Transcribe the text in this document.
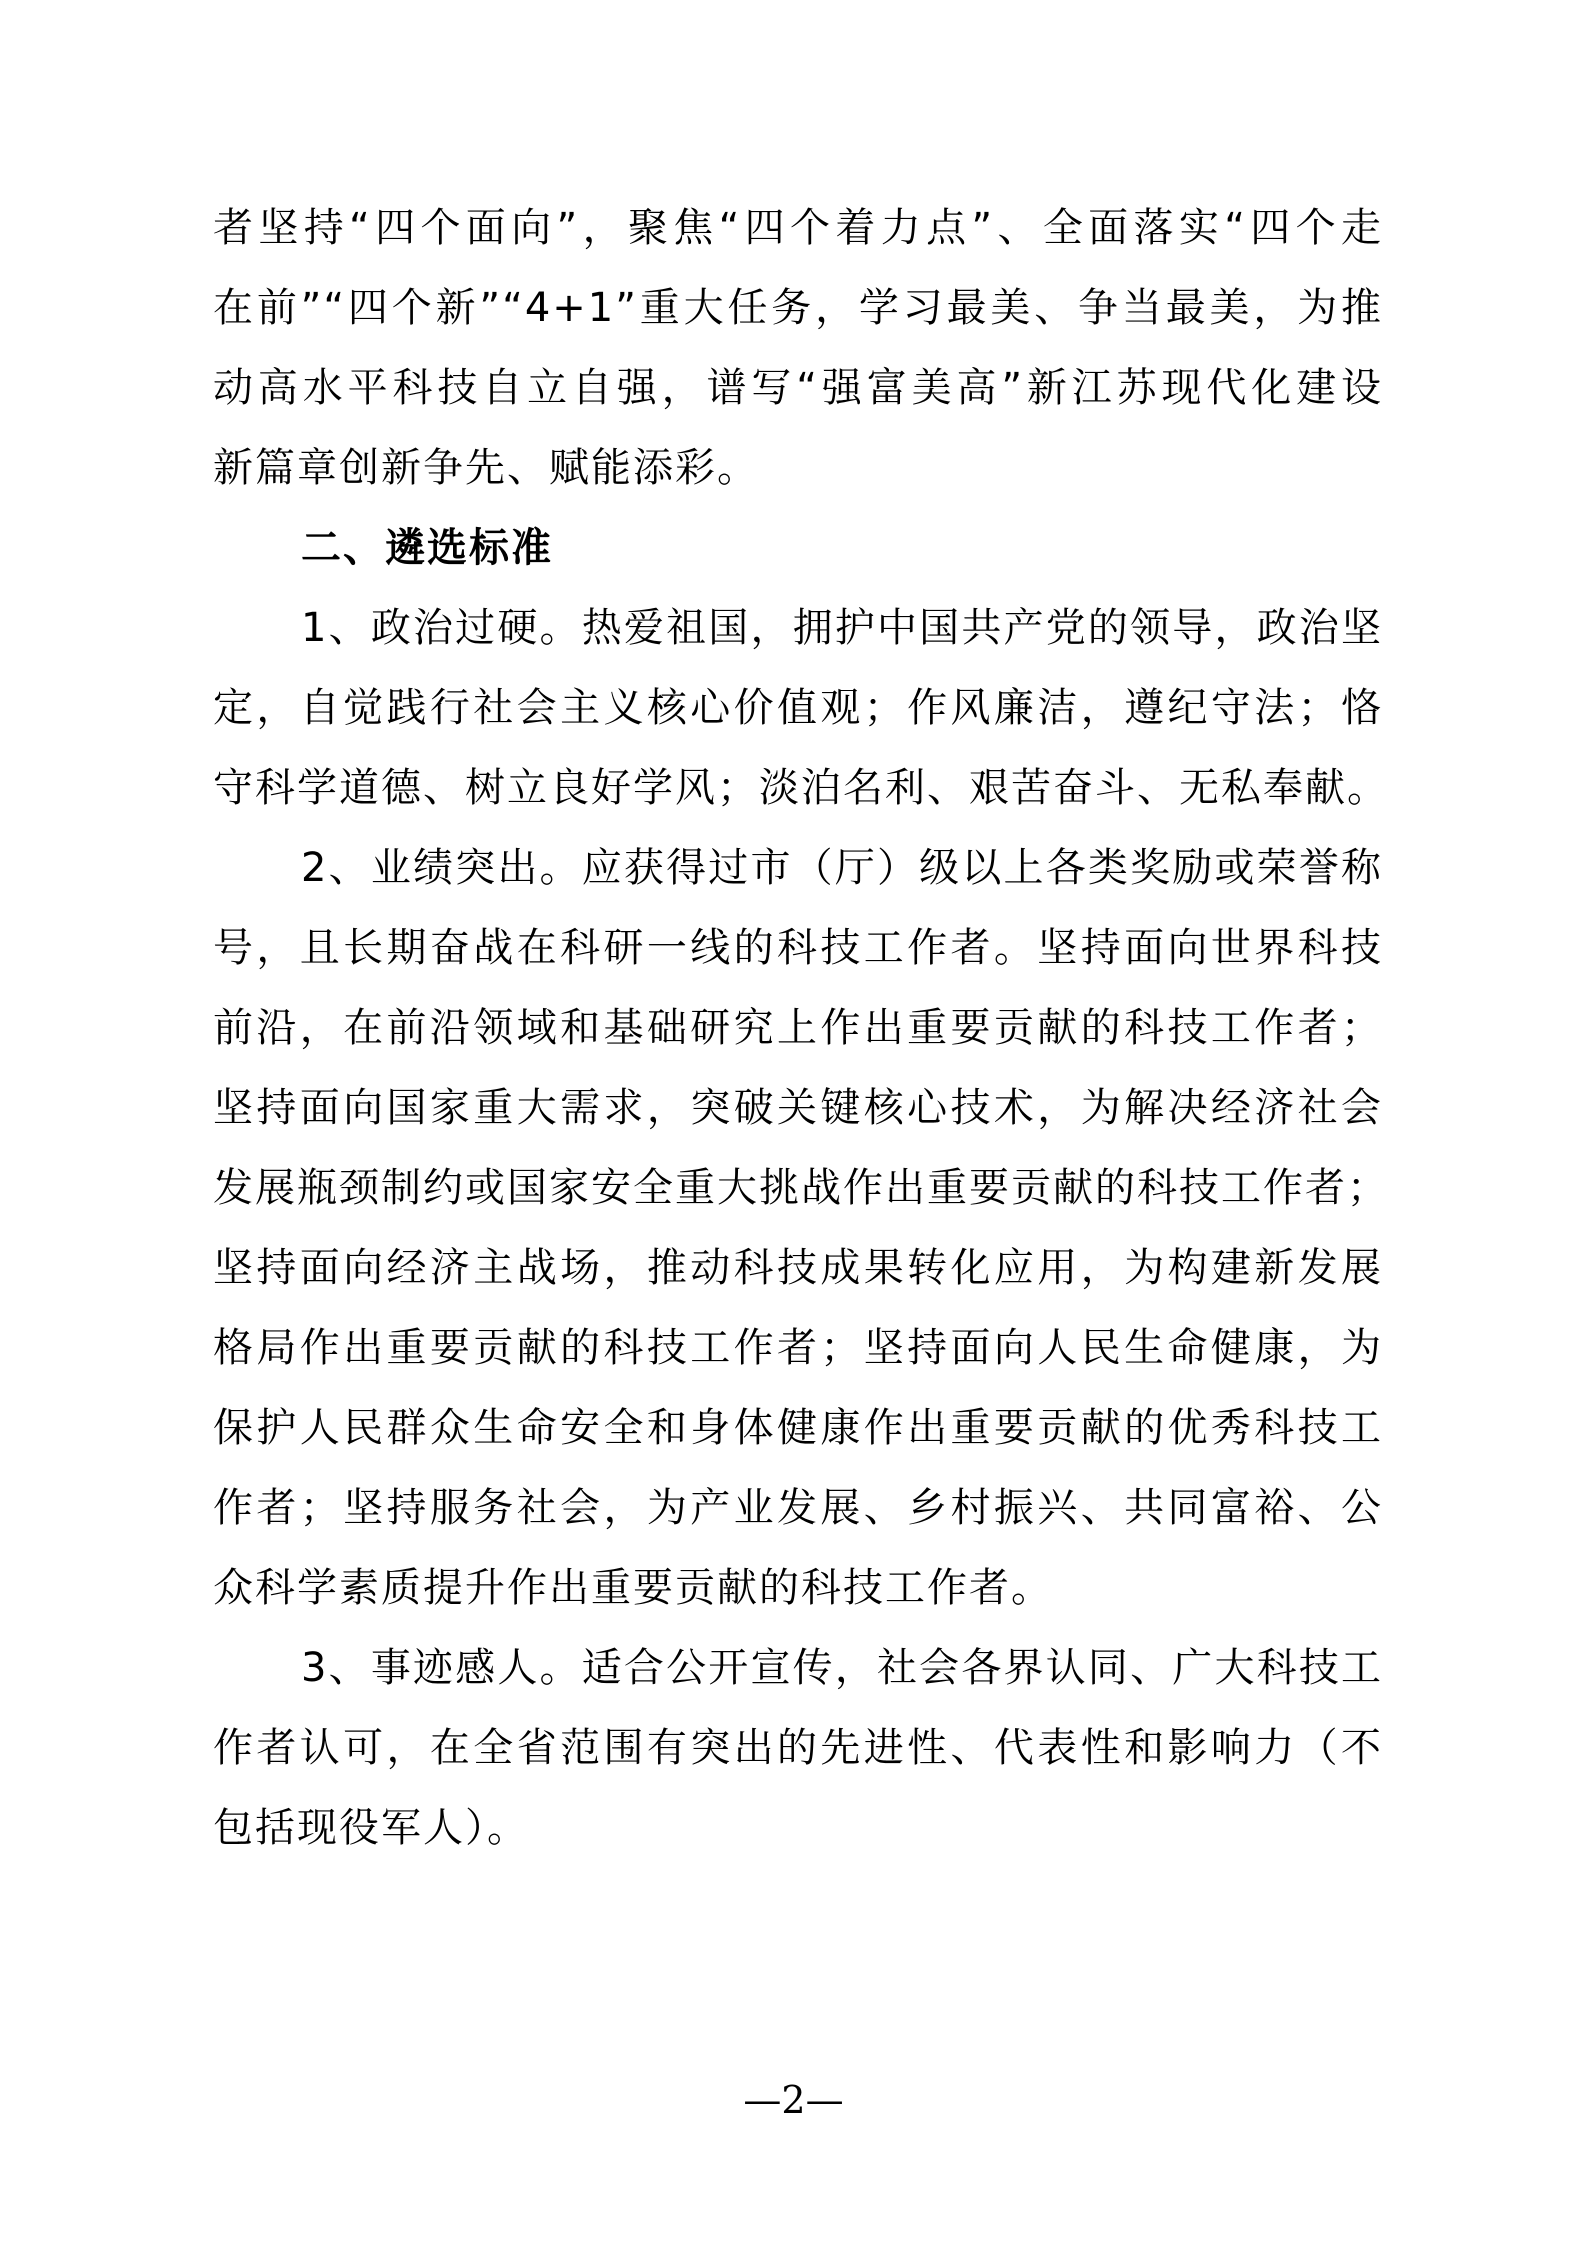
者坚持“四个面向”，聚焦“四个着力点”、全面落实“四个走
在前”“四个新”“4+1”重大任务，学习最美、争当最美，为推
动高水平科技自立自强，谱写“强富美高”新江苏现代化建设
新篇章创新争先、赋能添彩。
二、遴选标准
1、政治过硬。热爱祖国，拥护中国共产党的领导，政治坚
定，自觉践行社会主义核心价值观；作风廉洁，遵纪守法；恪
守科学道德、树立良好学风；淡泊名利、艰苦奋斗、无私奉献。
2、业绩突出。应获得过市（厅）级以上各类奖励或荣誉称
号，且长期奋战在科研一线的科技工作者。坚持面向世界科技
前沿，在前沿领域和基础研究上作出重要贡献的科技工作者；
坚持面向国家重大需求，突破关键核心技术，为解决经济社会
发展瓶颈制约或国家安全重大挑战作出重要贡献的科技工作者；
坚持面向经济主战场，推动科技成果转化应用，为构建新发展
格局作出重要贡献的科技工作者；坚持面向人民生命健康，为
保护人民群众生命安全和身体健康作出重要贡献的优秀科技工
作者；坚持服务社会，为产业发展、乡村振兴、共同富裕、公
众科学素质提升作出重要贡献的科技工作者。
3、事迹感人。适合公开宣传，社会各界认同、广大科技工
作者认可，在全省范围有突出的先进性、代表性和影响力（不
包括现役军人）。
—2—
